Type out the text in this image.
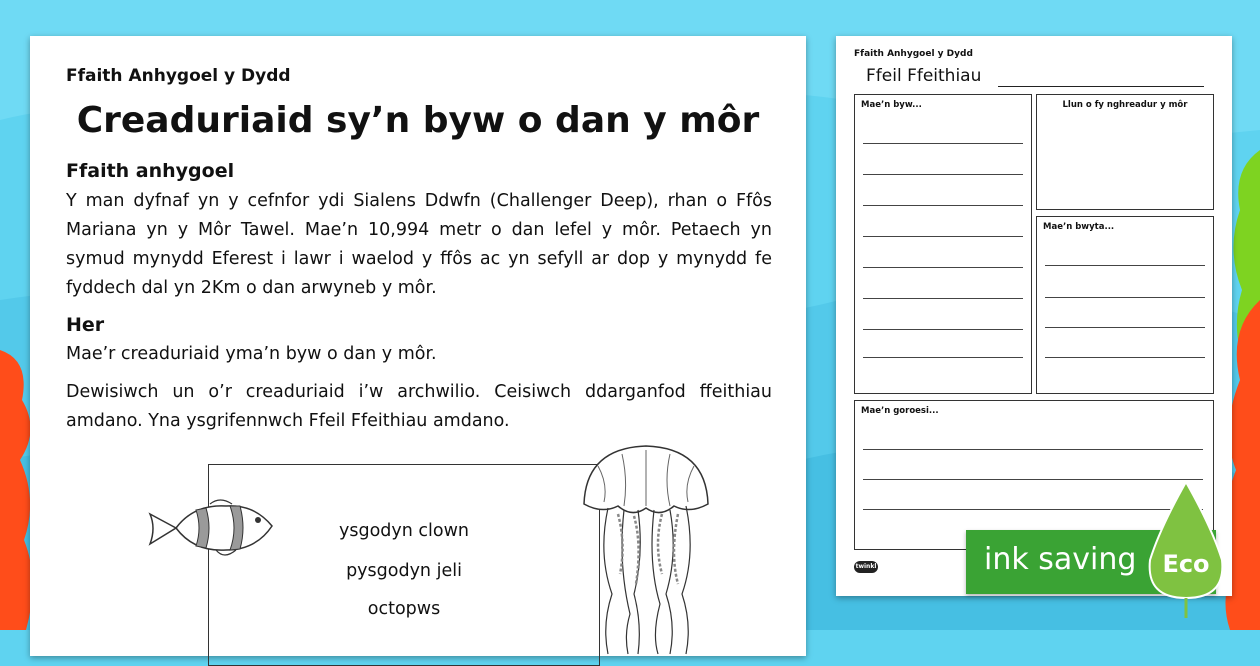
Ffaith Anhygoel y Dydd
Creaduriaid sy’n byw o dan y môr
Ffaith anhygoel
Y man dyfnaf yn y cefnfor ydi Sialens Ddwfn (Challenger Deep), rhan o Ffôs Mariana yn y Môr Tawel. Mae’n 10,994 metr o dan lefel y môr. Petaech yn symud mynydd Eferest i lawr i waelod y ffôs ac yn sefyll ar dop y mynydd fe fyddech dal yn 2Km o dan arwyneb y môr.
Her
Mae’r creaduriaid yma’n byw o dan y môr.
Dewisiwch un o’r creaduriaid i’w archwilio. Ceisiwch ddarganfod ffeithiau amdano. Yna ysgrifennwch Ffeil Ffeithiau amdano.
ysgodyn clown
pysgodyn jeli
octopws
Ffaith Anhygoel y Dydd
Ffeil Ffeithiau
Mae’n byw...	Llun o fy nghreadur y môr
Mae’n bwyta...
Mae’n goroesi...
twinkl	ink saving Eco
